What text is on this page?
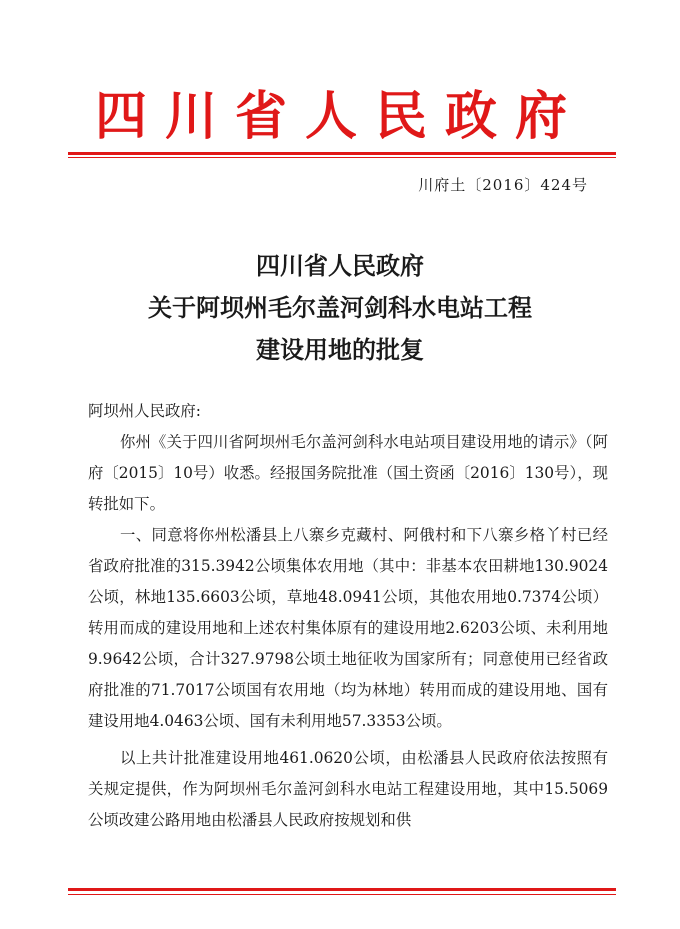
四川省人民政府
川府土〔2016〕424号
四川省人民政府
关于阿坝州毛尔盖河剑科水电站工程
建设用地的批复

阿坝州人民政府:

你州《关于四川省阿坝州毛尔盖河剑科水电站项目建设用地的请示》（阿府〔2015〕10号）收悉。经报国务院批准（国土资函〔2016〕130号），现转批如下。

一、同意将你州松潘县上八寨乡克藏村、阿俄村和下八寨乡格丫村已经省政府批准的315.3942公顷集体农用地（其中：非基本农田耕地130.9024公顷，林地135.6603公顷，草地48.0941公顷，其他农用地0.7374公顷）转用而成的建设用地和上述农村集体原有的建设用地2.6203公顷、未利用地9.9642公顷，合计327.9798公顷土地征收为国家所有；同意使用已经省政府批准的71.7017公顷国有农用地（均为林地）转用而成的建设用地、国有建设用地4.0463公顷、国有未利用地57.3353公顷。

以上共计批准建设用地461.0620公顷，由松潘县人民政府依法按照有关规定提供，作为阿坝州毛尔盖河剑科水电站工程建设用地，其中15.5069公顷改建公路用地由松潘县人民政府按规划和供
